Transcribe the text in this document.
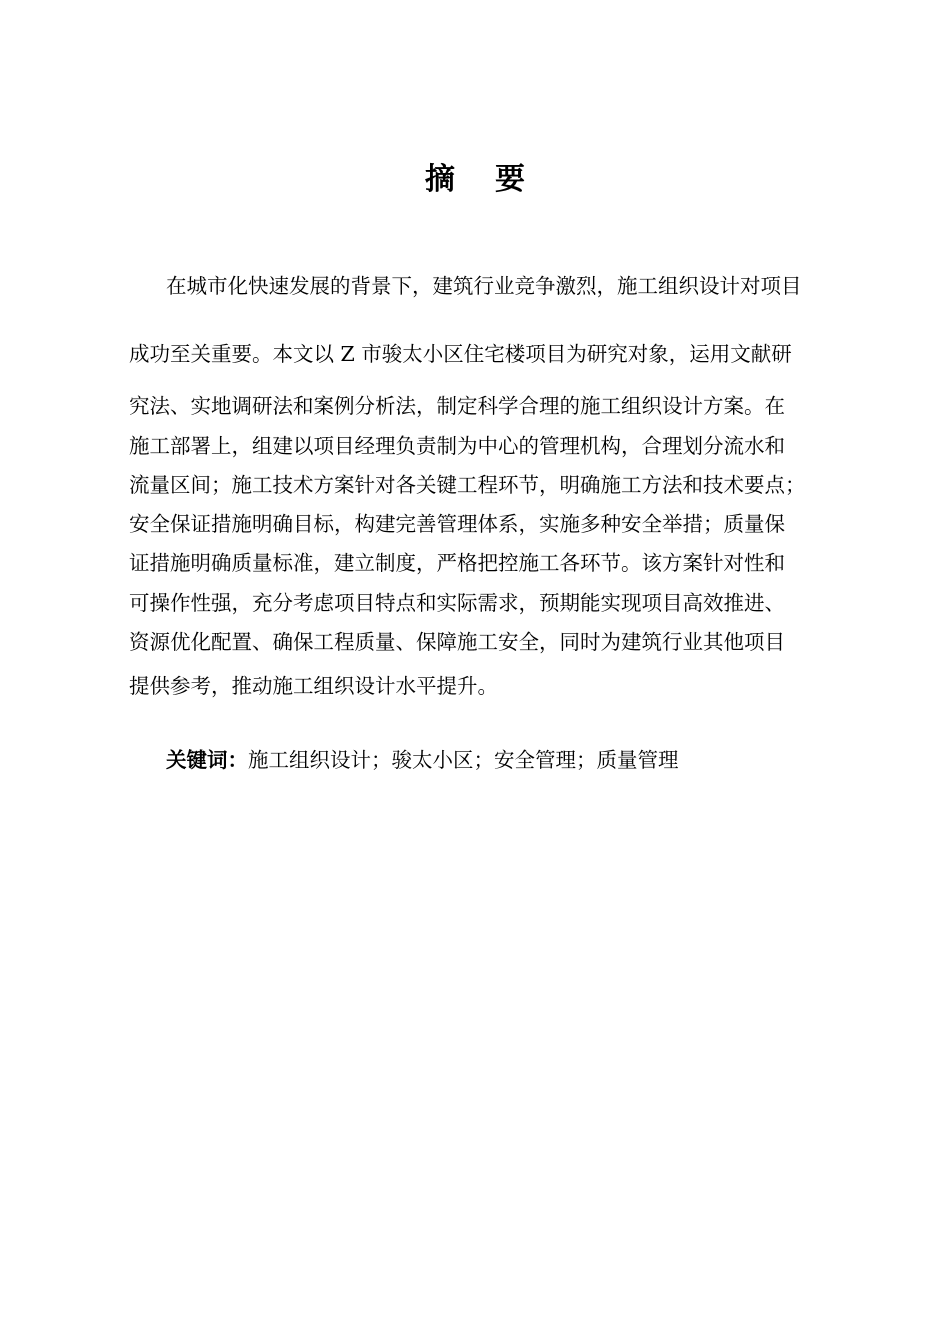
摘 要
在城市化快速发展的背景下，建筑行业竞争激烈，施工组织设计对项目
成功至关重要。本文以 Z 市骏太小区住宅楼项目为研究对象，运用文献研
究法、实地调研法和案例分析法，制定科学合理的施工组织设计方案。在
施工部署上，组建以项目经理负责制为中心的管理机构，合理划分流水和
流量区间；施工技术方案针对各关键工程环节，明确施工方法和技术要点；
安全保证措施明确目标，构建完善管理体系，实施多种安全举措；质量保
证措施明确质量标准，建立制度，严格把控施工各环节。该方案针对性和
可操作性强，充分考虑项目特点和实际需求，预期能实现项目高效推进、
资源优化配置、确保工程质量、保障施工安全，同时为建筑行业其他项目
提供参考，推动施工组织设计水平提升。
关键词：施工组织设计；骏太小区；安全管理；质量管理
